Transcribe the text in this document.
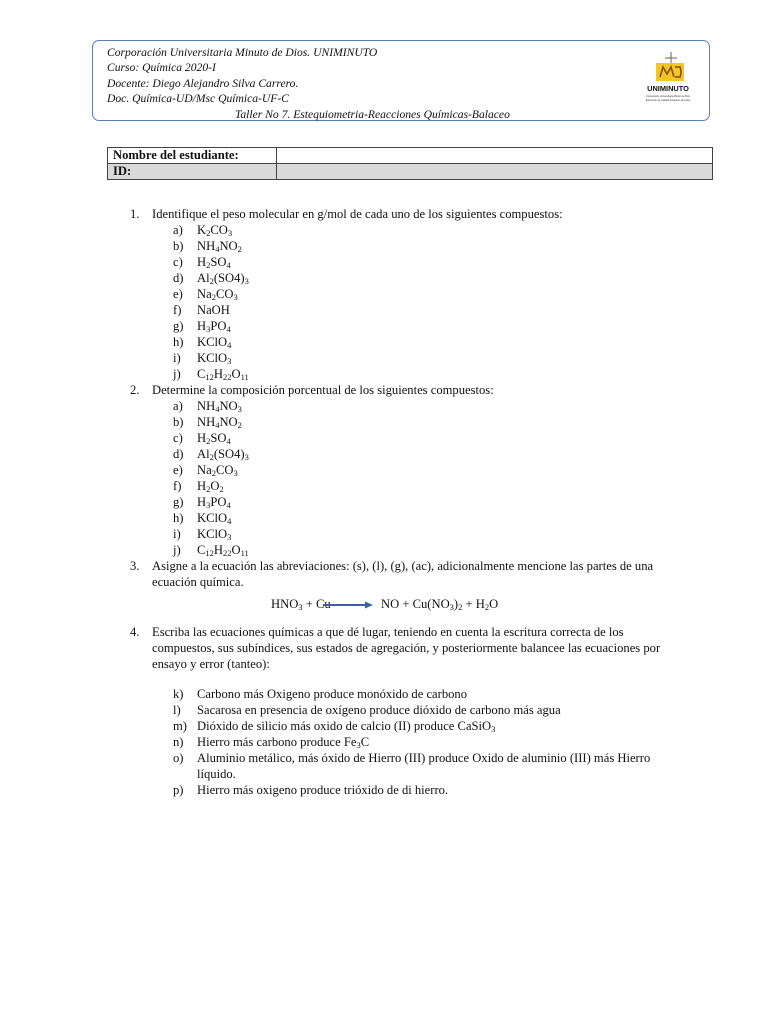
Corporación Universitaria Minuto de Dios. UNIMINUTO
Curso: Química 2020-I
Docente: Diego Alejandro Silva Carrero.
Doc. Química-UD/Msc Química-UF-C
Taller No 7. Estequiometria-Reacciones Químicas-Balaceo
UNIMINUTO
Corporación Universitaria Minuto de Dios
Educación de Calidad al alcance de todos
Nombre del estudiante:	
ID:	
1. Identifique el peso molecular en g/mol de cada uno de los siguientes compuestos:
a) $K_2CO_3$
b) $NH_4NO_2$
c) $H_2SO_4$
d) $Al_2(SO4)_3$
e) $Na_2CO_3$
f) NaOH
g) $H_3PO_4$
h) KClO$_4$
i) KClO$_3$
j) $C_{12}H_{22}O_{11}$
2. Determine la composición porcentual de los siguientes compuestos:
a) $NH_4NO_3$
b) $NH_4NO_2$
c) $H_2SO_4$
d) $Al_2(SO4)_3$
e) $Na_2CO_3$
f) $H_2O_2$
g) $H_3PO_4$
h) KClO$_4$
i) KClO$_3$
j) $C_{12}H_{22}O_{11}$
3. Asigne a la ecuación las abreviaciones: (s), (l), (g), (ac), adicionalmente mencione las partes de una ecuación química.
$HNO_3 + Cu$ → NO + $Cu(NO_3)_2 + H_2O$
4. Escriba las ecuaciones químicas a que dé lugar, teniendo en cuenta la escritura correcta de los compuestos, sus subíndices, sus estados de agregación, y posteriormente balancee las ecuaciones por ensayo y error (tanteo):
k) Carbono más Oxigeno produce monóxido de carbono
l) Sacarosa en presencia de oxígeno produce dióxido de carbono más agua
m) Dióxido de silicio más oxido de calcio (II) produce CaSiO$_3$
n) Hierro más carbono produce $Fe_3C$
o) Aluminio metálico, más óxido de Hierro (III) produce Oxido de aluminio (III) más Hierro líquido.
p) Hierro más oxigeno produce trióxido de di hierro.
